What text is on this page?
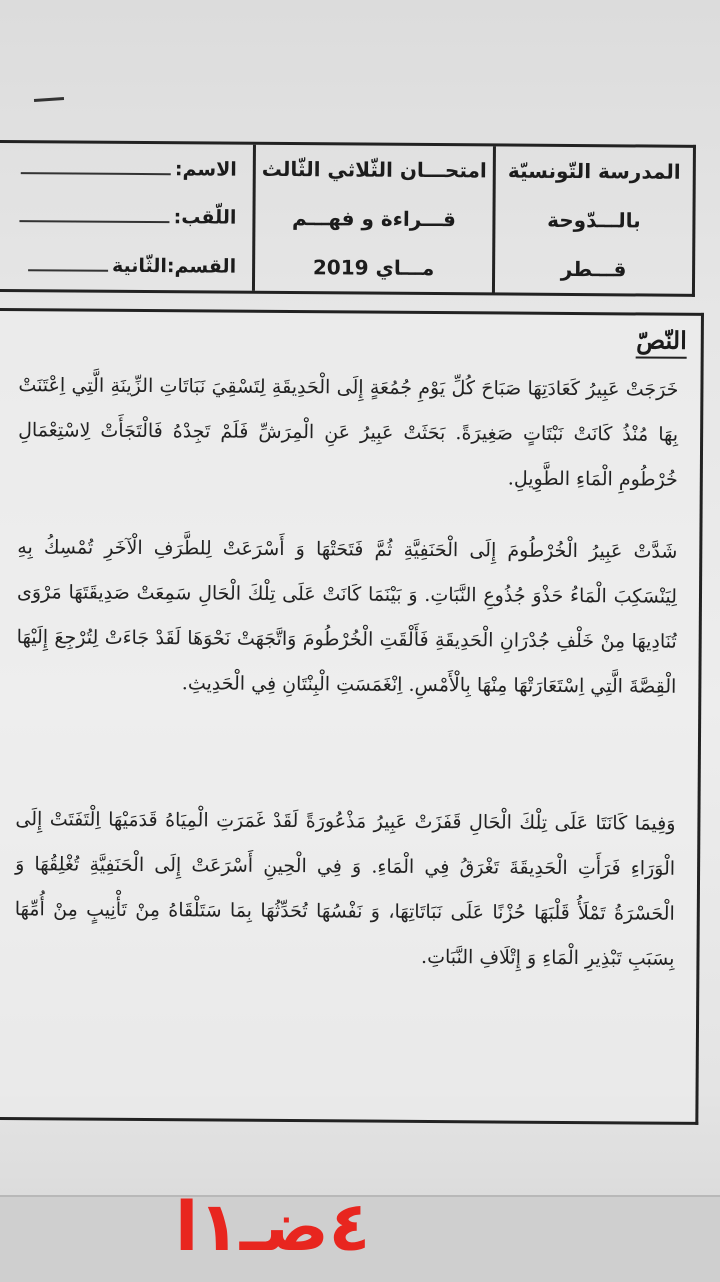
المدرسة التّونسيّة
بالـــدّوحة
قـــطر
امتحـــان الثّلاثي الثّالث
قـــراءة و فهـــم
مـــاي 2019
الاسم:
اللّقب:
القسم:
الثّانية
النّصّ
خَرَجَتْ عَبِيرُ كَعَادَتِهَا صَبَاحَ كُلِّ يَوْمِ جُمُعَةٍ إِلَى الْحَدِيقَةِ لِتَسْقِيَ نَبَاتَاتِ الزِّينَةِ الَّتِي اِعْتَنَتْ بِهَا مُنْذُ كَانَتْ نَبْتَاتٍ صَغِيرَةً. بَحَثَتْ عَبِيرُ عَنِ الْمِرَشِّ فَلَمْ تَجِدْهُ فَالْتَجَأَتْ لِاسْتِعْمَالِ خُرْطُومِ الْمَاءِ الطَّوِيلِ.
شَدَّتْ عَبِيرُ الْخُرْطُومَ إِلَى الْحَنَفِيَّةِ ثُمَّ فَتَحَتْهَا وَ أَسْرَعَتْ لِلطَّرَفِ الْآخَرِ تُمْسِكُ بِهِ لِيَنْسَكِبَ الْمَاءُ حَذْوَ جُذُوعِ النَّبَاتِ. وَ بَيْنَمَا كَانَتْ عَلَى تِلْكَ الْحَالِ سَمِعَتْ صَدِيقَتَهَا مَرْوَى تُنَادِيهَا مِنْ خَلْفِ جُدْرَانِ الْحَدِيقَةِ فَأَلْقَتِ الْخُرْطُومَ وَاتَّجَهَتْ نَحْوَهَا لَقَدْ جَاءَتْ لِتُرْجِعَ إِلَيْهَا الْقِصَّةَ الَّتِي اِسْتَعَارَتْهَا مِنْهَا بِالْأَمْسِ. اِنْغَمَسَتِ الْبِنْتَانِ فِي الْحَدِيثِ.
وَفِيمَا كَانَتَا عَلَى تِلْكَ الْحَالِ قَفَزَتْ عَبِيرُ مَذْعُورَةً لَقَدْ غَمَرَتِ الْمِيَاهُ قَدَمَيْهَا اِلْتَفَتَتْ إِلَى الْوَرَاءِ فَرَأَتِ الْحَدِيقَةَ تَغْرَقُ فِي الْمَاءِ. وَ فِي الْحِينِ أَسْرَعَتْ إِلَى الْحَنَفِيَّةِ تُغْلِقُهَا وَ الْحَسْرَةُ تَمْلَأُ قَلْبَهَا حُزْنًا عَلَى نَبَاتَاتِهَا، وَ نَفْسُهَا تُحَدِّثُهَا بِمَا سَتَلْقَاهُ مِنْ تَأْنِيبٍ مِنْ أُمِّهَا بِسَبَبِ تَبْذِيرِ الْمَاءِ وَ إِتْلَافِ النَّبَاتِ.
٤ضـ١ا
